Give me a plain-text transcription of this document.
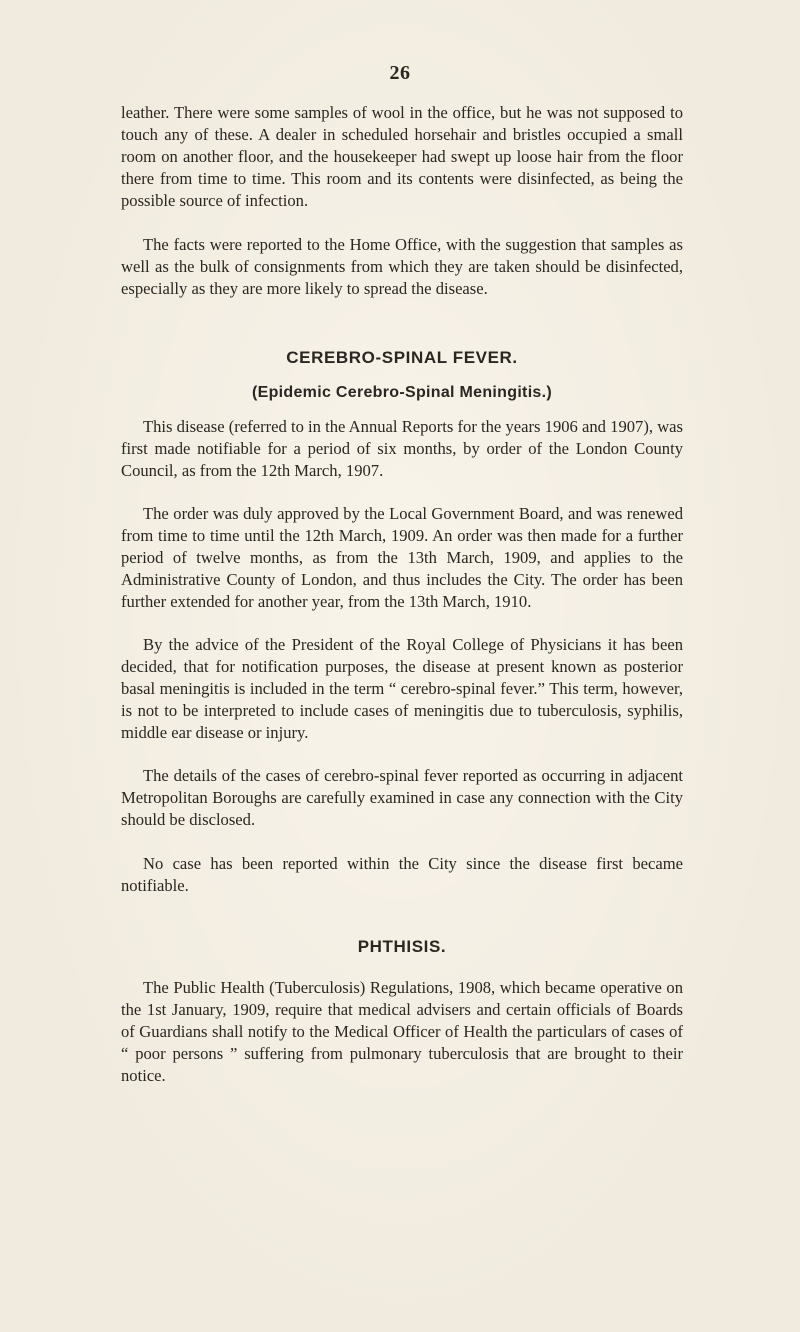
26

leather. There were some samples of wool in the office, but he was not supposed to touch any of these. A dealer in scheduled horsehair and bristles occupied a small room on another floor, and the housekeeper had swept up loose hair from the floor there from time to time. This room and its contents were disinfected, as being the possible source of infection.

The facts were reported to the Home Office, with the suggestion that samples as well as the bulk of consignments from which they are taken should be disinfected, especially as they are more likely to spread the disease.

CEREBRO-SPINAL FEVER.
(Epidemic Cerebro-Spinal Meningitis.)

This disease (referred to in the Annual Reports for the years 1906 and 1907), was first made notifiable for a period of six months, by order of the London County Council, as from the 12th March, 1907.

The order was duly approved by the Local Government Board, and was renewed from time to time until the 12th March, 1909. An order was then made for a further period of twelve months, as from the 13th March, 1909, and applies to the Administrative County of London, and thus includes the City. The order has been further extended for another year, from the 13th March, 1910.

By the advice of the President of the Royal College of Physicians it has been decided, that for notification purposes, the disease at present known as posterior basal meningitis is included in the term “ cerebro-spinal fever.” This term, however, is not to be interpreted to include cases of meningitis due to tuberculosis, syphilis, middle ear disease or injury.

The details of the cases of cerebro-spinal fever reported as occurring in adjacent Metropolitan Boroughs are carefully examined in case any connection with the City should be disclosed.

No case has been reported within the City since the disease first became notifiable.

PHTHISIS.

The Public Health (Tuberculosis) Regulations, 1908, which became operative on the 1st January, 1909, require that medical advisers and certain officials of Boards of Guardians shall notify to the Medical Officer of Health the particulars of cases of “ poor persons ” suffering from pulmonary tuberculosis that are brought to their notice.
